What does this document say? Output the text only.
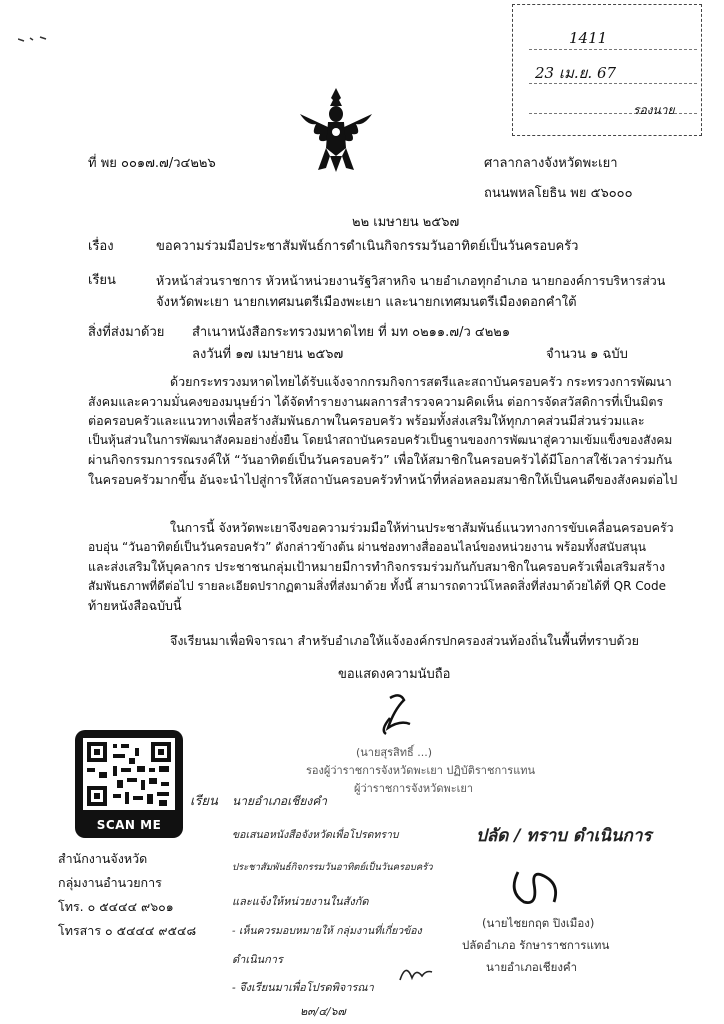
1411
23 เม.ย. 67
รองนาย
ที่ พย ๐๐๑๗.๗/ว๔๒๒๖	ศาลากลางจังหวัดพะเยา
ถนนพหลโยธิน พย ๕๖๐๐๐
๒๒ เมษายน ๒๕๖๗
เรื่อง	ขอความร่วมมือประชาสัมพันธ์การดำเนินกิจกรรมวันอาทิตย์เป็นวันครอบครัว
เรียน	หัวหน้าส่วนราชการ หัวหน้าหน่วยงานรัฐวิสาหกิจ นายอำเภอทุกอำเภอ นายกองค์การบริหารส่วน
จังหวัดพะเยา นายกเทศมนตรีเมืองพะเยา และนายกเทศมนตรีเมืองดอกคำใต้
สิ่งที่ส่งมาด้วย สำเนาหนังสือกระทรวงมหาดไทย ที่ มท ๐๒๑๑.๗/ว ๔๒๒๑
ลงวันที่ ๑๗ เมษายน ๒๕๖๗	จำนวน ๑ ฉบับ
ด้วยกระทรวงมหาดไทยได้รับแจ้งจากกรมกิจการสตรีและสถาบันครอบครัว กระทรวงการพัฒนา
สังคมและความมั่นคงของมนุษย์ว่า ได้จัดทำรายงานผลการสำรวจความคิดเห็น ต่อการจัดสวัสดิการที่เป็นมิตร
ต่อครอบครัวและแนวทางเพื่อสร้างสัมพันธภาพในครอบครัว พร้อมทั้งส่งเสริมให้ทุกภาคส่วนมีส่วนร่วมและ
เป็นหุ้นส่วนในการพัฒนาสังคมอย่างยั่งยืน โดยนำสถาบันครอบครัวเป็นฐานของการพัฒนาสู่ความเข้มแข็งของสังคม
ผ่านกิจกรรมการรณรงค์ให้ “วันอาทิตย์เป็นวันครอบครัว” เพื่อให้สมาชิกในครอบครัวได้มีโอกาสใช้เวลาร่วมกัน
ในครอบครัวมากขึ้น อันจะนำไปสู่การให้สถาบันครอบครัวทำหน้าที่หล่อหลอมสมาชิกให้เป็นคนดีของสังคมต่อไป
ในการนี้ จังหวัดพะเยาจึงขอความร่วมมือให้ท่านประชาสัมพันธ์แนวทางการขับเคลื่อนครอบครัว
อบอุ่น “วันอาทิตย์เป็นวันครอบครัว” ดังกล่าวข้างต้น ผ่านช่องทางสื่อออนไลน์ของหน่วยงาน พร้อมทั้งสนับสนุน
และส่งเสริมให้บุคลากร ประชาชนกลุ่มเป้าหมายมีการทำกิจกรรมร่วมกันกับสมาชิกในครอบครัวเพื่อเสริมสร้าง
สัมพันธภาพที่ดีต่อไป รายละเอียดปรากฏตามสิ่งที่ส่งมาด้วย ทั้งนี้ สามารถดาวน์โหลดสิ่งที่ส่งมาด้วยได้ที่ QR Code
ท้ายหนังสือฉบับนี้
จึงเรียนมาเพื่อพิจารณา สำหรับอำเภอให้แจ้งองค์กรปกครองส่วนท้องถิ่นในพื้นที่ทราบด้วย
ขอแสดงความนับถือ
(นายสุรสิทธิ์ ...)
รองผู้ว่าราชการจังหวัดพะเยา ปฏิบัติราชการแทน
ผู้ว่าราชการจังหวัดพะเยา
SCAN ME
สำนักงานจังหวัด
กลุ่มงานอำนวยการ
โทร. ๐ ๕๔๔๔ ๙๖๐๑
โทรสาร ๐ ๕๔๔๔ ๙๕๔๘
เรียน นายอำเภอเชียงคำ
ขอเสนอหนังสือจังหวัดเพื่อโปรดทราบ
ประชาสัมพันธ์กิจกรรมวันอาทิตย์เป็นวันครอบครัว
และแจ้งให้หน่วยงานในสังกัด
- เห็นควรมอบหมายให้ กลุ่มงานที่เกี่ยวข้อง
ดำเนินการ
- จึงเรียนมาเพื่อโปรดพิจารณา
๒๓/๔/๖๗
ปลัด / ทราบ ดำเนินการ
(นายไชยกฤต ปิงเมือง)
ปลัดอำเภอ รักษาราชการแทน
นายอำเภอเชียงคำ
